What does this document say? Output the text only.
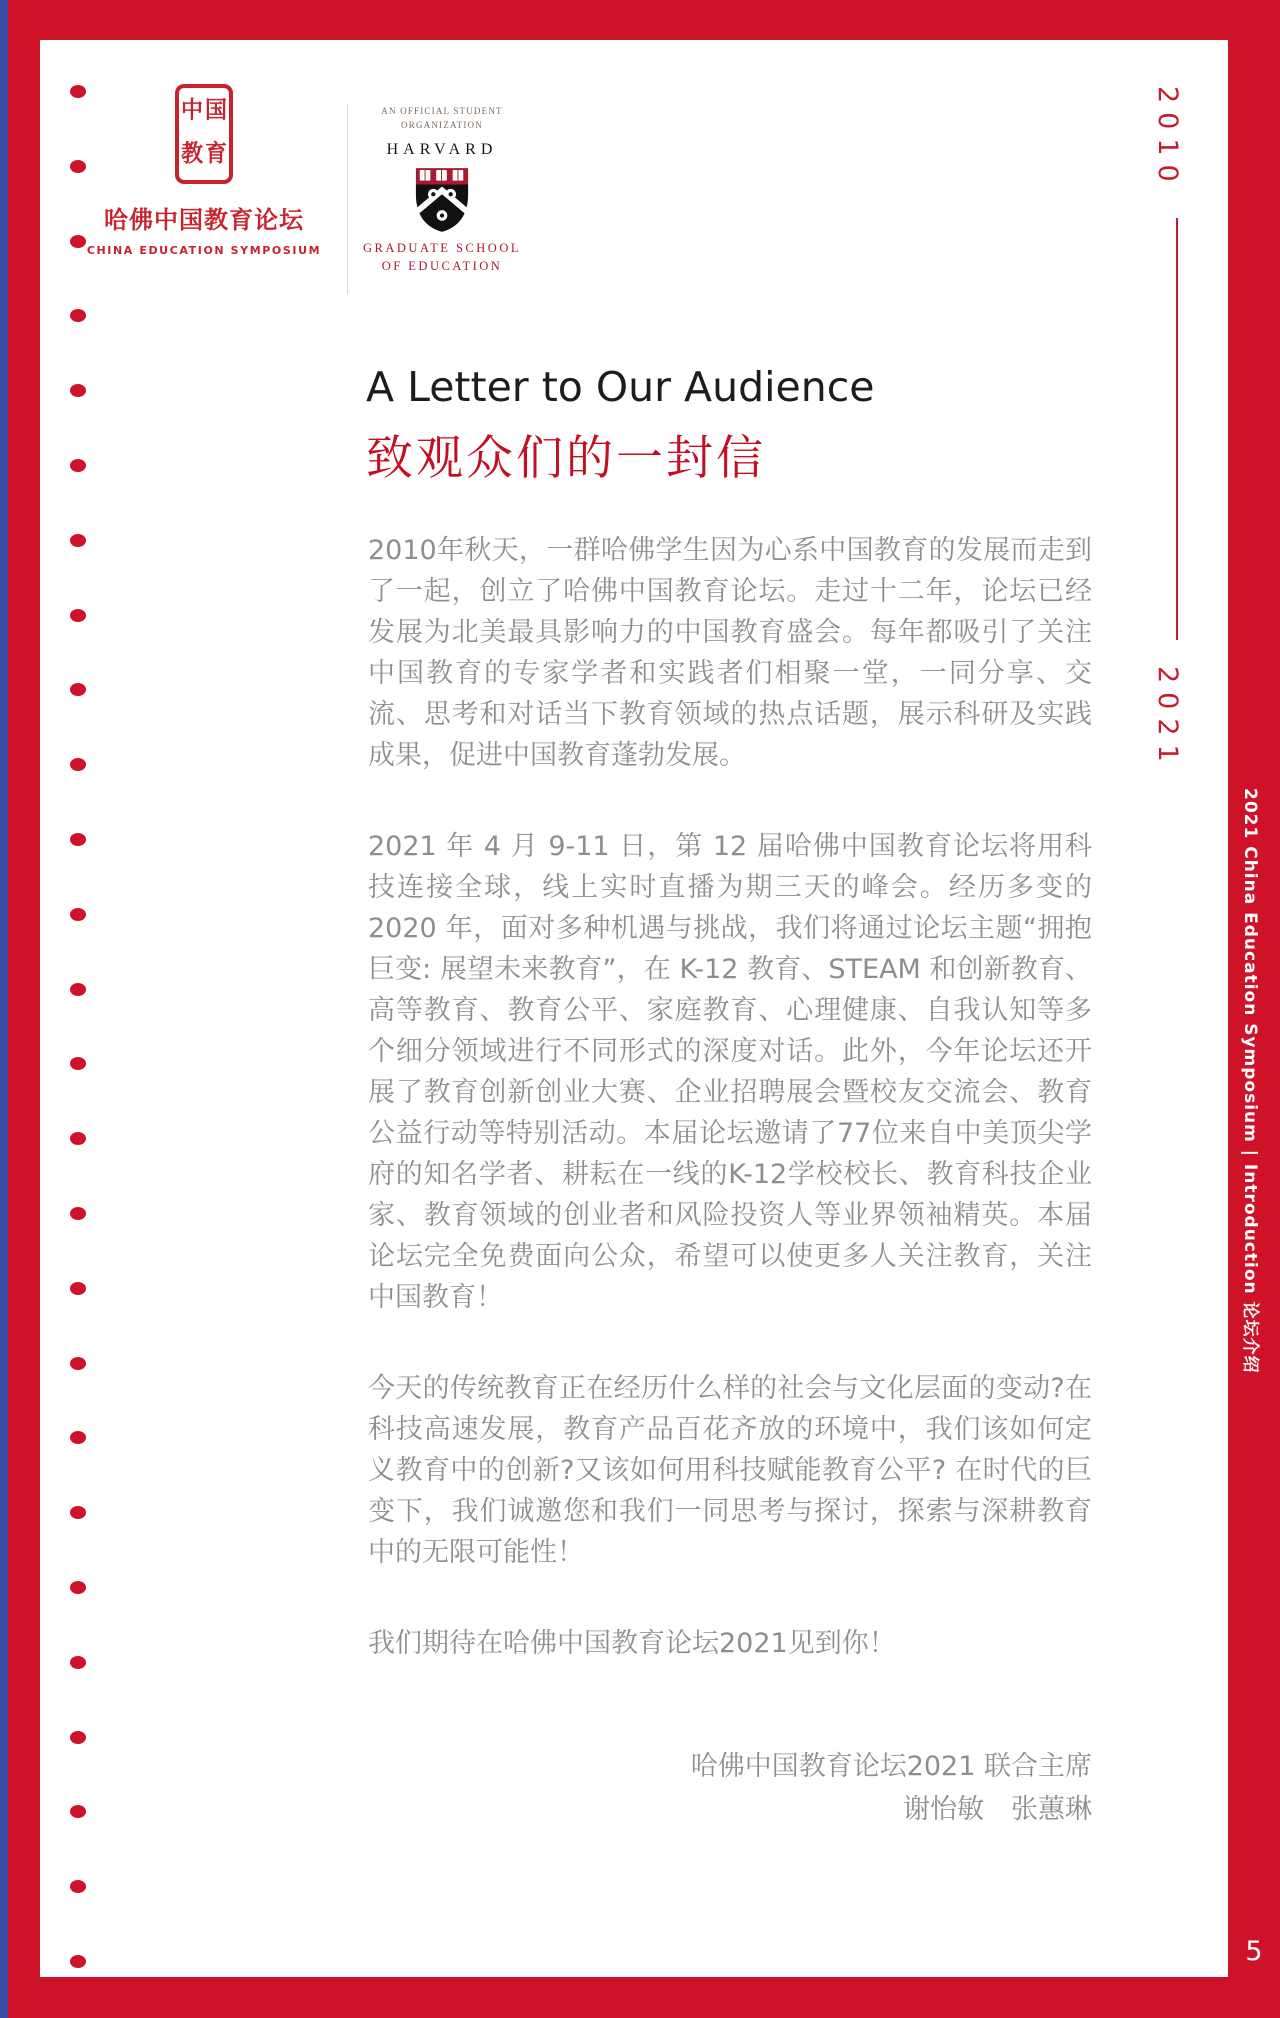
中 国
教 育
哈佛中国教育论坛
CHINA EDUCATION SYMPOSIUM
AN OFFICIAL STUDENT
ORGANIZATION
HARVARD
GRADUATE SCHOOL
OF EDUCATION
A Letter to Our Audience
致观众们的一封信

2010年秋天，一群哈佛学生因为心系中国教育的发展而走到了一起，创立了哈佛中国教育论坛。走过十二年，论坛已经发展为北美最具影响力的中国教育盛会。每年都吸引了关注中国教育的专家学者和实践者们相聚一堂，一同分享、交流、思考和对话当下教育领域的热点话题，展示科研及实践成果，促进中国教育蓬勃发展。

2021 年 4 月 9-11 日，第 12 届哈佛中国教育论坛将用科技连接全球，线上实时直播为期三天的峰会。经历多变的 2020 年，面对多种机遇与挑战，我们将通过论坛主题“拥抱巨变: 展望未来教育”，在 K-12 教育、STEAM 和创新教育、高等教育、教育公平、家庭教育、心理健康、自我认知等多个细分领域进行不同形式的深度对话。此外，今年论坛还开展了教育创新创业大赛、企业招聘展会暨校友交流会、教育公益行动等特别活动。本届论坛邀请了77位来自中美顶尖学府的知名学者、耕耘在一线的K-12学校校长、教育科技企业家、教育领域的创业者和风险投资人等业界领袖精英。本届论坛完全免费面向公众，希望可以使更多人关注教育，关注中国教育！

今天的传统教育正在经历什么样的社会与文化层面的变动?在科技高速发展，教育产品百花齐放的环境中，我们该如何定义教育中的创新?又该如何用科技赋能教育公平? 在时代的巨变下，我们诚邀您和我们一同思考与探讨，探索与深耕教育中的无限可能性！

我们期待在哈佛中国教育论坛2021见到你！

哈佛中国教育论坛2021 联合主席
谢怡敏　张蕙琳
2010
2021
2021 China Education Symposium | Introduction 论坛介绍
5
